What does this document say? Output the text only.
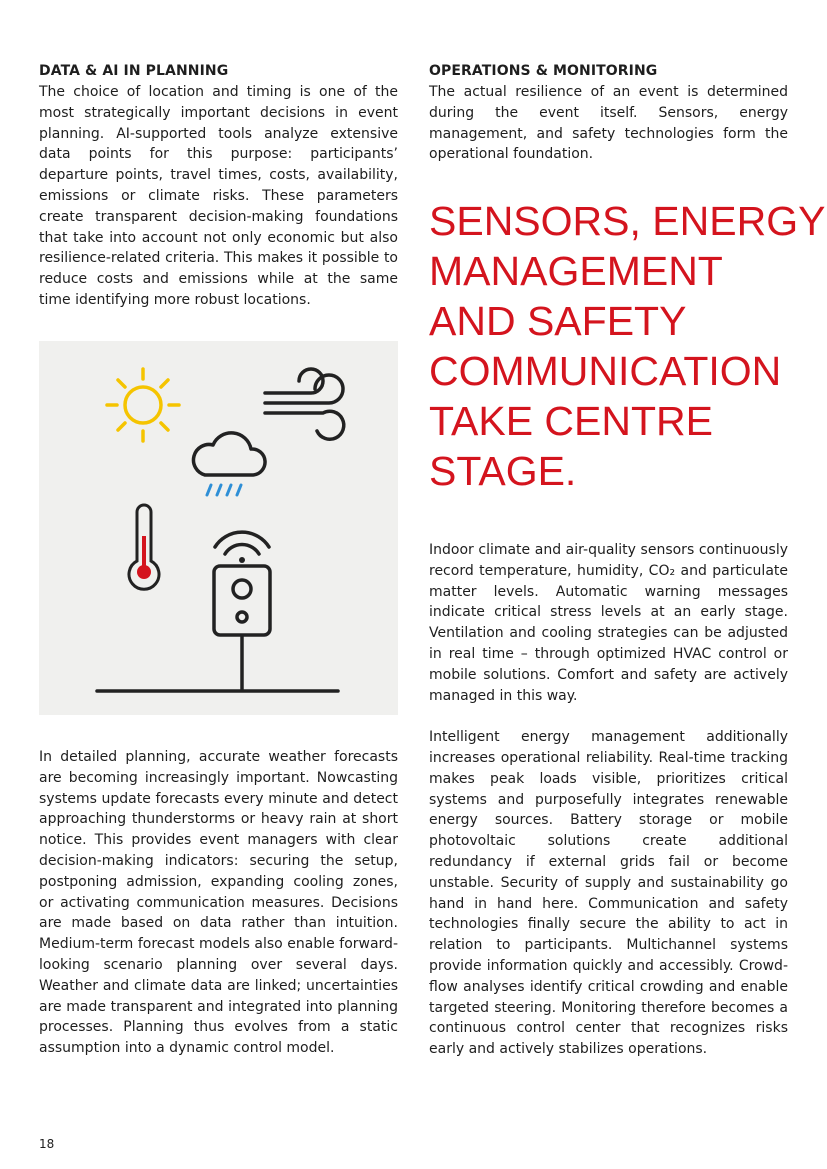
DATA & AI IN PLANNING

The choice of location and timing is one of the most strategically important decisions in event planning. AI-supported tools analyze extensive data points for this purpose: participants’ departure points, travel times, costs, availability, emissions or climate risks. These parameters create transparent decision-making foundations that take into account not only economic but also resilience-related criteria. This makes it possible to reduce costs and emissions while at the same time identifying more robust locations.

In detailed planning, accurate weather forecasts are becoming increasingly important. Nowcasting systems update forecasts every minute and detect approaching thunderstorms or heavy rain at short notice. This provides event managers with clear decision-making indicators: securing the setup, postponing admission, expanding cooling zones, or activating communication measures. Decisions are made based on data rather than intuition. Medium-term forecast models also enable forward-looking scenario planning over several days. Weather and climate data are linked; uncertainties are made transparent and integrated into planning processes. Planning thus evolves from a static assumption into a dynamic control model.

OPERATIONS & MONITORING

The actual resilience of an event is determined during the event itself. Sensors, energy management, and safety technologies form the operational foundation.

SENSORS, ENERGY
MANAGEMENT
AND SAFETY
COMMUNICATION
TAKE CENTRE
STAGE.

Indoor climate and air-quality sensors continuously record temperature, humidity, CO₂ and particulate matter levels. Automatic warning messages indicate critical stress levels at an early stage. Ventilation and cooling strategies can be adjusted in real time – through optimized HVAC control or mobile solutions. Comfort and safety are actively managed in this way.

Intelligent energy management additionally increases operational reliability. Real-time tracking makes peak loads visible, prioritizes critical systems and purposefully integrates renewable energy sources. Battery storage or mobile photovoltaic solutions create additional redundancy if external grids fail or become unstable. Security of supply and sustainability go hand in hand here. Communication and safety technologies finally secure the ability to act in relation to participants. Multichannel systems provide information quickly and accessibly. Crowd-flow analyses identify critical crowding and enable targeted steering. Monitoring therefore becomes a continuous control center that recognizes risks early and actively stabilizes operations.

18
